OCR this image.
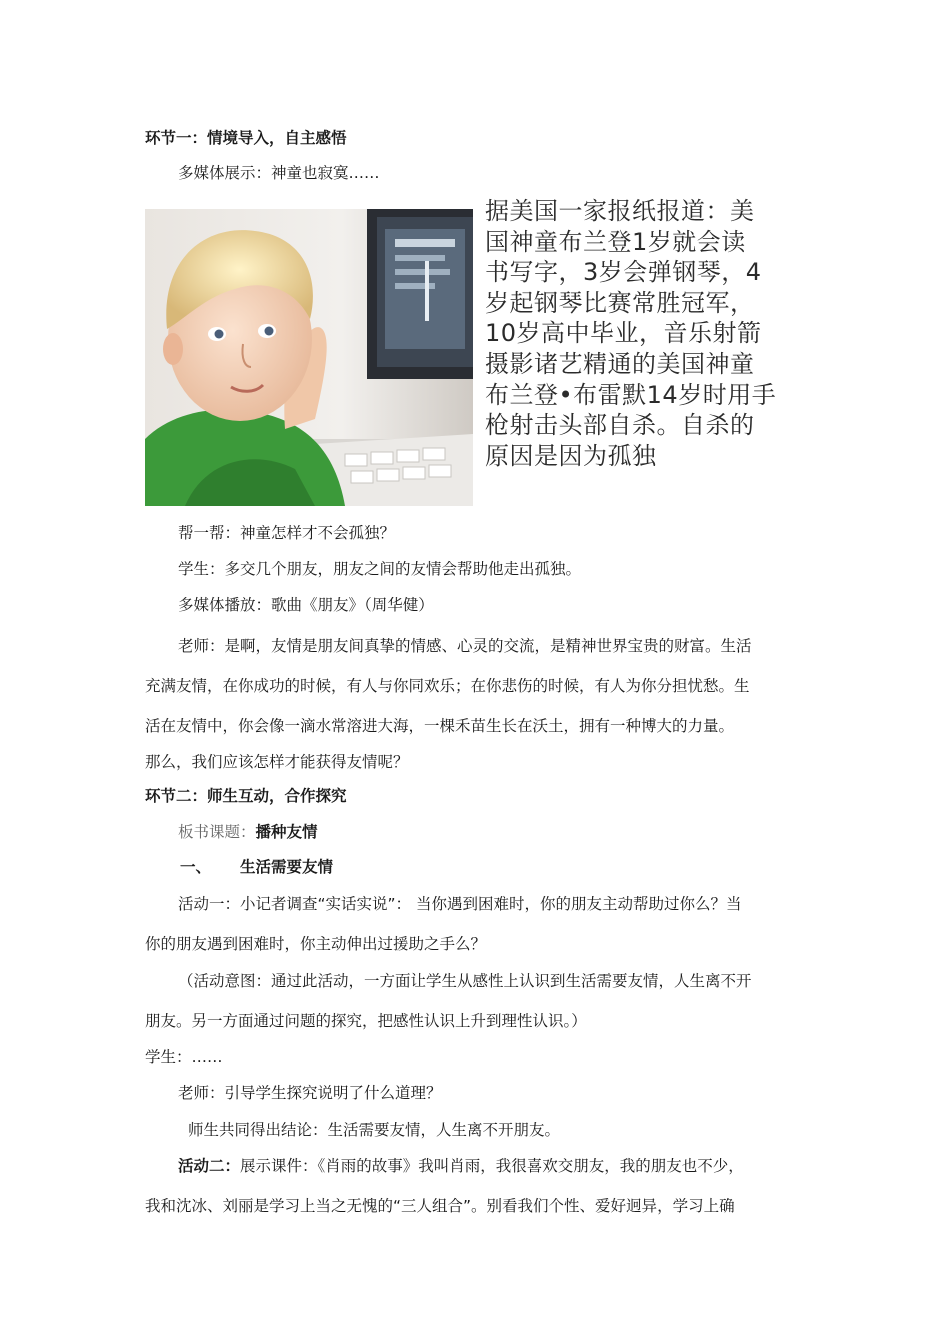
环节一：情境导入，自主感悟
多媒体展示：神童也寂寞……
据美国一家报纸报道：美
国神童布兰登1岁就会读
书写字，3岁会弹钢琴，4
岁起钢琴比赛常胜冠军，
10岁高中毕业，音乐射箭
摄影诸艺精通的美国神童
布兰登•布雷默14岁时用手
枪射击头部自杀。自杀的
原因是因为孤独
帮一帮：神童怎样才不会孤独？
学生：多交几个朋友，朋友之间的友情会帮助他走出孤独。
多媒体播放：歌曲《朋友》（周华健）
老师：是啊，友情是朋友间真挚的情感、心灵的交流，是精神世界宝贵的财富。生活
充满友情，在你成功的时候，有人与你同欢乐；在你悲伤的时候，有人为你分担忧愁。生
活在友情中，你会像一滴水常溶进大海，一棵禾苗生长在沃土，拥有一种博大的力量。
那么，我们应该怎样才能获得友情呢？
环节二：师生互动，合作探究
板书课题：播种友情
一、 生活需要友情
活动一：小记者调查“实话实说”： 当你遇到困难时，你的朋友主动帮助过你么？当
你的朋友遇到困难时，你主动伸出过援助之手么？
（活动意图：通过此活动，一方面让学生从感性上认识到生活需要友情，人生离不开
朋友。另一方面通过问题的探究，把感性认识上升到理性认识。）
学生：……
老师：引导学生探究说明了什么道理？
师生共同得出结论：生活需要友情，人生离不开朋友。
活动二：展示课件：《肖雨的故事》我叫肖雨，我很喜欢交朋友，我的朋友也不少，
我和沈冰、刘丽是学习上当之无愧的“三人组合”。别看我们个性、爱好迥异，学习上确
